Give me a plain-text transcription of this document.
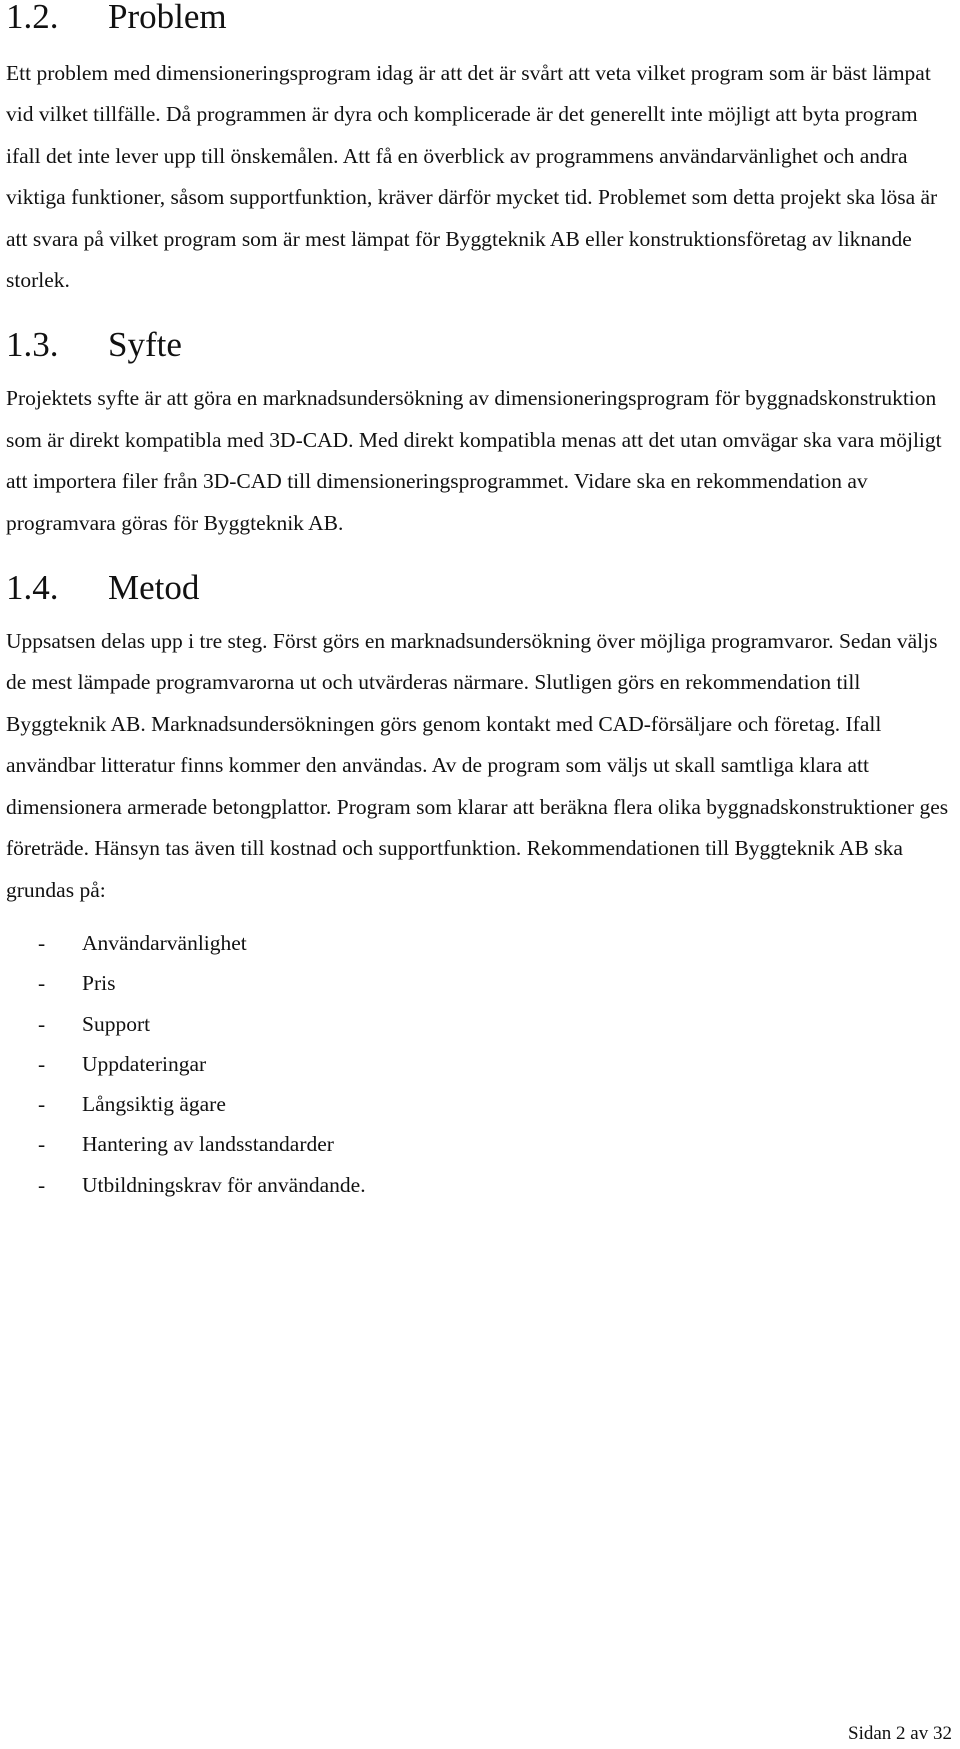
1.2.	Problem

Ett problem med dimensioneringsprogram idag är att det är svårt att veta vilket program som är bäst lämpat vid vilket tillfälle. Då programmen är dyra och komplicerade är det generellt inte möjligt att byta program ifall det inte lever upp till önskemålen. Att få en överblick av programmens användarvänlighet och andra viktiga funktioner, såsom supportfunktion, kräver därför mycket tid. Problemet som detta projekt ska lösa är att svara på vilket program som är mest lämpat för Byggteknik AB eller konstruktionsföretag av liknande storlek.

1.3.	Syfte

Projektets syfte är att göra en marknadsundersökning av dimensioneringsprogram för byggnadskonstruktion som är direkt kompatibla med 3D-CAD. Med direkt kompatibla menas att det utan omvägar ska vara möjligt att importera filer från 3D-CAD till dimensioneringsprogrammet. Vidare ska en rekommendation av programvara göras för Byggteknik AB.

1.4.	Metod

Uppsatsen delas upp i tre steg. Först görs en marknadsundersökning över möjliga programvaror. Sedan väljs de mest lämpade programvarorna ut och utvärderas närmare. Slutligen görs en rekommendation till Byggteknik AB. Marknadsundersökningen görs genom kontakt med CAD-försäljare och företag. Ifall användbar litteratur finns kommer den användas. Av de program som väljs ut skall samtliga klara att dimensionera armerade betongplattor. Program som klarar att beräkna flera olika byggnadskonstruktioner ges företräde. Hänsyn tas även till kostnad och supportfunktion. Rekommendationen till Byggteknik AB ska grundas på:

-	Användarvänlighet
-	Pris
-	Support
-	Uppdateringar
-	Långsiktig ägare
-	Hantering av landsstandarder
-	Utbildningskrav för användande.
Sidan 2 av 32
